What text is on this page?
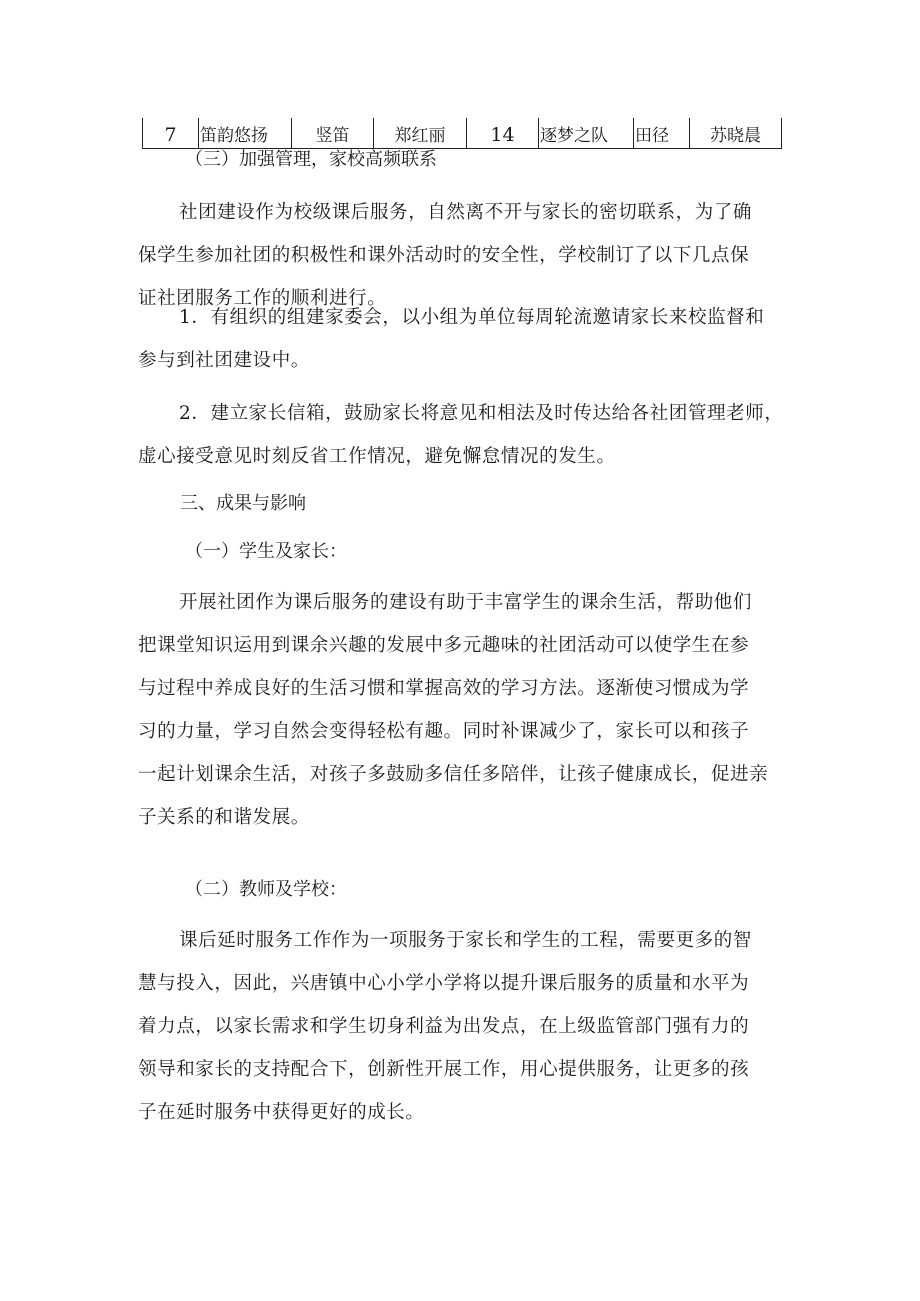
7	笛韵悠扬	竖笛	郑红丽	14	逐梦之队	田径	苏晓晨
（三）加强管理，家校高频联系
社团建设作为校级课后服务，自然离不开与家长的密切联系，为了确
保学生参加社团的积极性和课外活动时的安全性，学校制订了以下几点保
证社团服务工作的顺利进行。
1．有组织的组建家委会，以小组为单位每周轮流邀请家长来校监督和
参与到社团建设中。
2．建立家长信箱，鼓励家长将意见和相法及时传达给各社团管理老师，
虚心接受意见时刻反省工作情况，避免懈怠情况的发生。
三、成果与影响
（一）学生及家长：
开展社团作为课后服务的建设有助于丰富学生的课余生活，帮助他们
把课堂知识运用到课余兴趣的发展中多元趣味的社团活动可以使学生在参
与过程中养成良好的生活习惯和掌握高效的学习方法。逐渐使习惯成为学
习的力量，学习自然会变得轻松有趣。同时补课减少了，家长可以和孩子
一起计划课余生活，对孩子多鼓励多信任多陪伴，让孩子健康成长，促进亲
子关系的和谐发展。
（二）教师及学校：
课后延时服务工作作为一项服务于家长和学生的工程，需要更多的智
慧与投入，因此，兴唐镇中心小学小学将以提升课后服务的质量和水平为
着力点，以家长需求和学生切身利益为出发点，在上级监管部门强有力的
领导和家长的支持配合下，创新性开展工作，用心提供服务，让更多的孩
子在延时服务中获得更好的成长。
